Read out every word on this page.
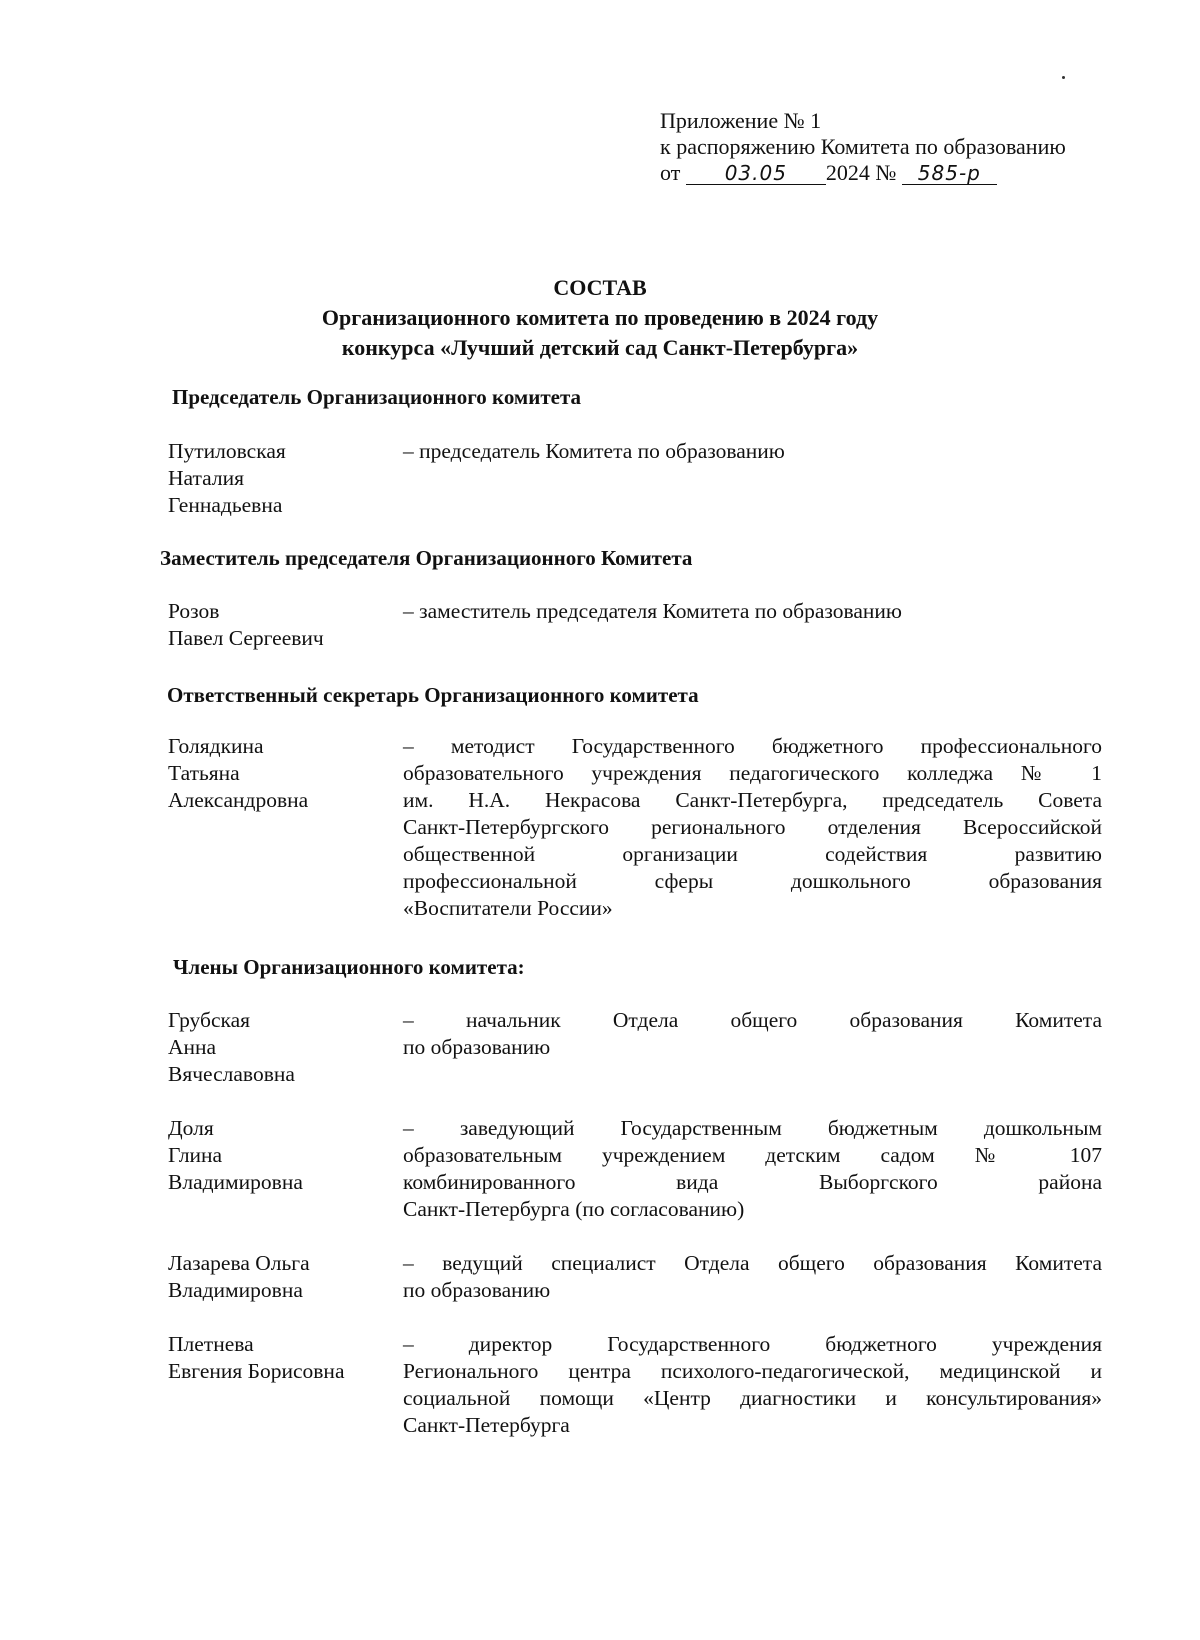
Приложение № 1
к распоряжению Комитета по образованию
от 03.05 2024 № 585-р
СОСТАВ
Организационного комитета по проведению в 2024 году
конкурса «Лучший детский сад Санкт-Петербурга»
Председатель Организационного комитета
Путиловская
Наталия
Геннадьевна
– председатель Комитета по образованию
Заместитель председателя Организационного Комитета
Розов
Павел Сергеевич
– заместитель председателя Комитета по образованию
Ответственный секретарь Организационного комитета
Голядкина
Татьяна
Александровна
– методист Государственного бюджетного профессионального
образовательного учреждения педагогического колледжа № 1
им. Н.А. Некрасова Санкт-Петербурга, председатель Совета
Санкт-Петербургского регионального отделения Всероссийской
общественной организации содействия развитию
профессиональной сферы дошкольного образования
«Воспитатели России»
Члены Организационного комитета:
Грубская
Анна
Вячеславовна
– начальник Отдела общего образования Комитета
по образованию
Доля
Глина
Владимировна
– заведующий Государственным бюджетным дошкольным
образовательным учреждением детским садом № 107
комбинированного вида Выборгского района
Санкт-Петербурга (по согласованию)
Лазарева Ольга
Владимировна
– ведущий специалист Отдела общего образования Комитета
по образованию
Плетнева
Евгения Борисовна
– директор Государственного бюджетного учреждения
Регионального центра психолого-педагогической, медицинской и
социальной помощи «Центр диагностики и консультирования»
Санкт-Петербурга
